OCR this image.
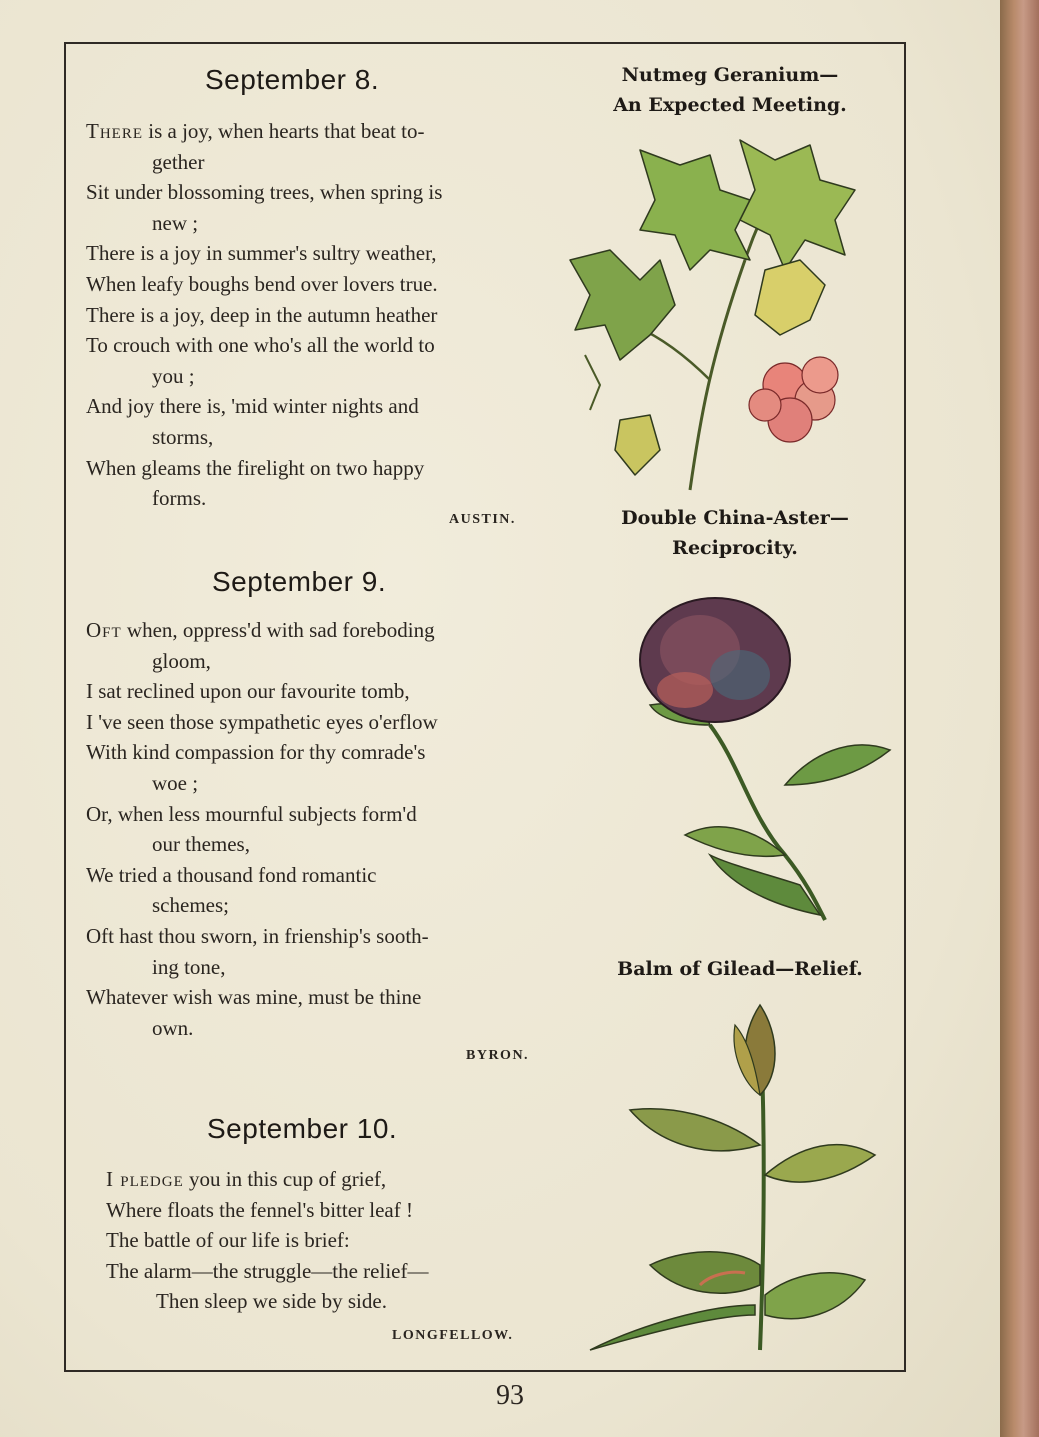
September 8.
There is a joy, when hearts that beat to-
gether
Sit under blossoming trees, when spring is
new ;
There is a joy in summer's sultry weather,
When leafy boughs bend over lovers true.
There is a joy, deep in the autumn heather
To crouch with one who's all the world to
you ;
And joy there is, 'mid winter nights and
storms,
When gleams the firelight on two happy
forms.
AUSTIN.
September 9.
Oft when, oppress'd with sad foreboding
gloom,
I sat reclined upon our favourite tomb,
I 've seen those sympathetic eyes o'erflow
With kind compassion for thy comrade's
woe ;
Or, when less mournful subjects form'd
our themes,
We tried a thousand fond romantic
schemes;
Oft hast thou sworn, in frienship's sooth-
ing tone,
Whatever wish was mine, must be thine
own.
BYRON.
September 10.
I pledge you in this cup of grief,
Where floats the fennel's bitter leaf !
The battle of our life is brief:
The alarm—the struggle—the relief—
Then sleep we side by side.
LONGFELLOW.
Nutmeg Geranium—
An Expected Meeting.
Double China-Aster—
Reciprocity.
Balm of Gilead—Relief.
93
